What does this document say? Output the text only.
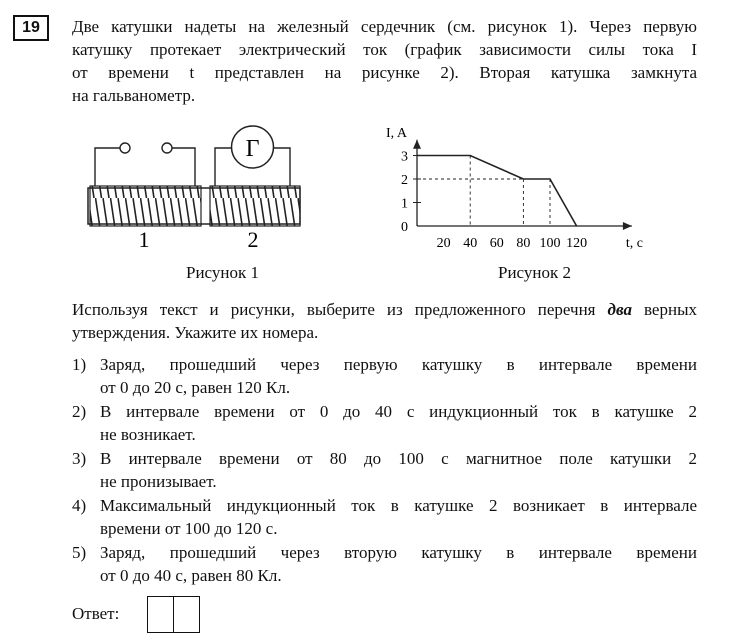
19	Две катушки надеты на железный сердечник (см. рисунок 1). Через первую
катушку протекает электрический ток (график зависимости силы тока I
от времени t представлен на рисунке 2). Вторая катушка замкнута
на гальванометр.

Г
1	2	20 40 60 80 100 120
0
1
2
3
t, с
I, A
Рисунок 1	Рисунок 2

Используя текст и рисунки, выберите из предложенного перечня два верных
утверждения. Укажите их номера.

1) Заряд, прошедший через первую катушку в интервале времени
от 0 до 20 с, равен 120 Кл.
2) В интервале времени от 0 до 40 с индукционный ток в катушке 2
не возникает.
3) В интервале времени от 80 до 100 с магнитное поле катушки 2
не пронизывает.
4) Максимальный индукционный ток в катушке 2 возникает в интервале
времени от 100 до 120 с.
5) Заряд, прошедший через вторую катушку в интервале времени
от 0 до 40 с, равен 80 Кл.
Ответ:
